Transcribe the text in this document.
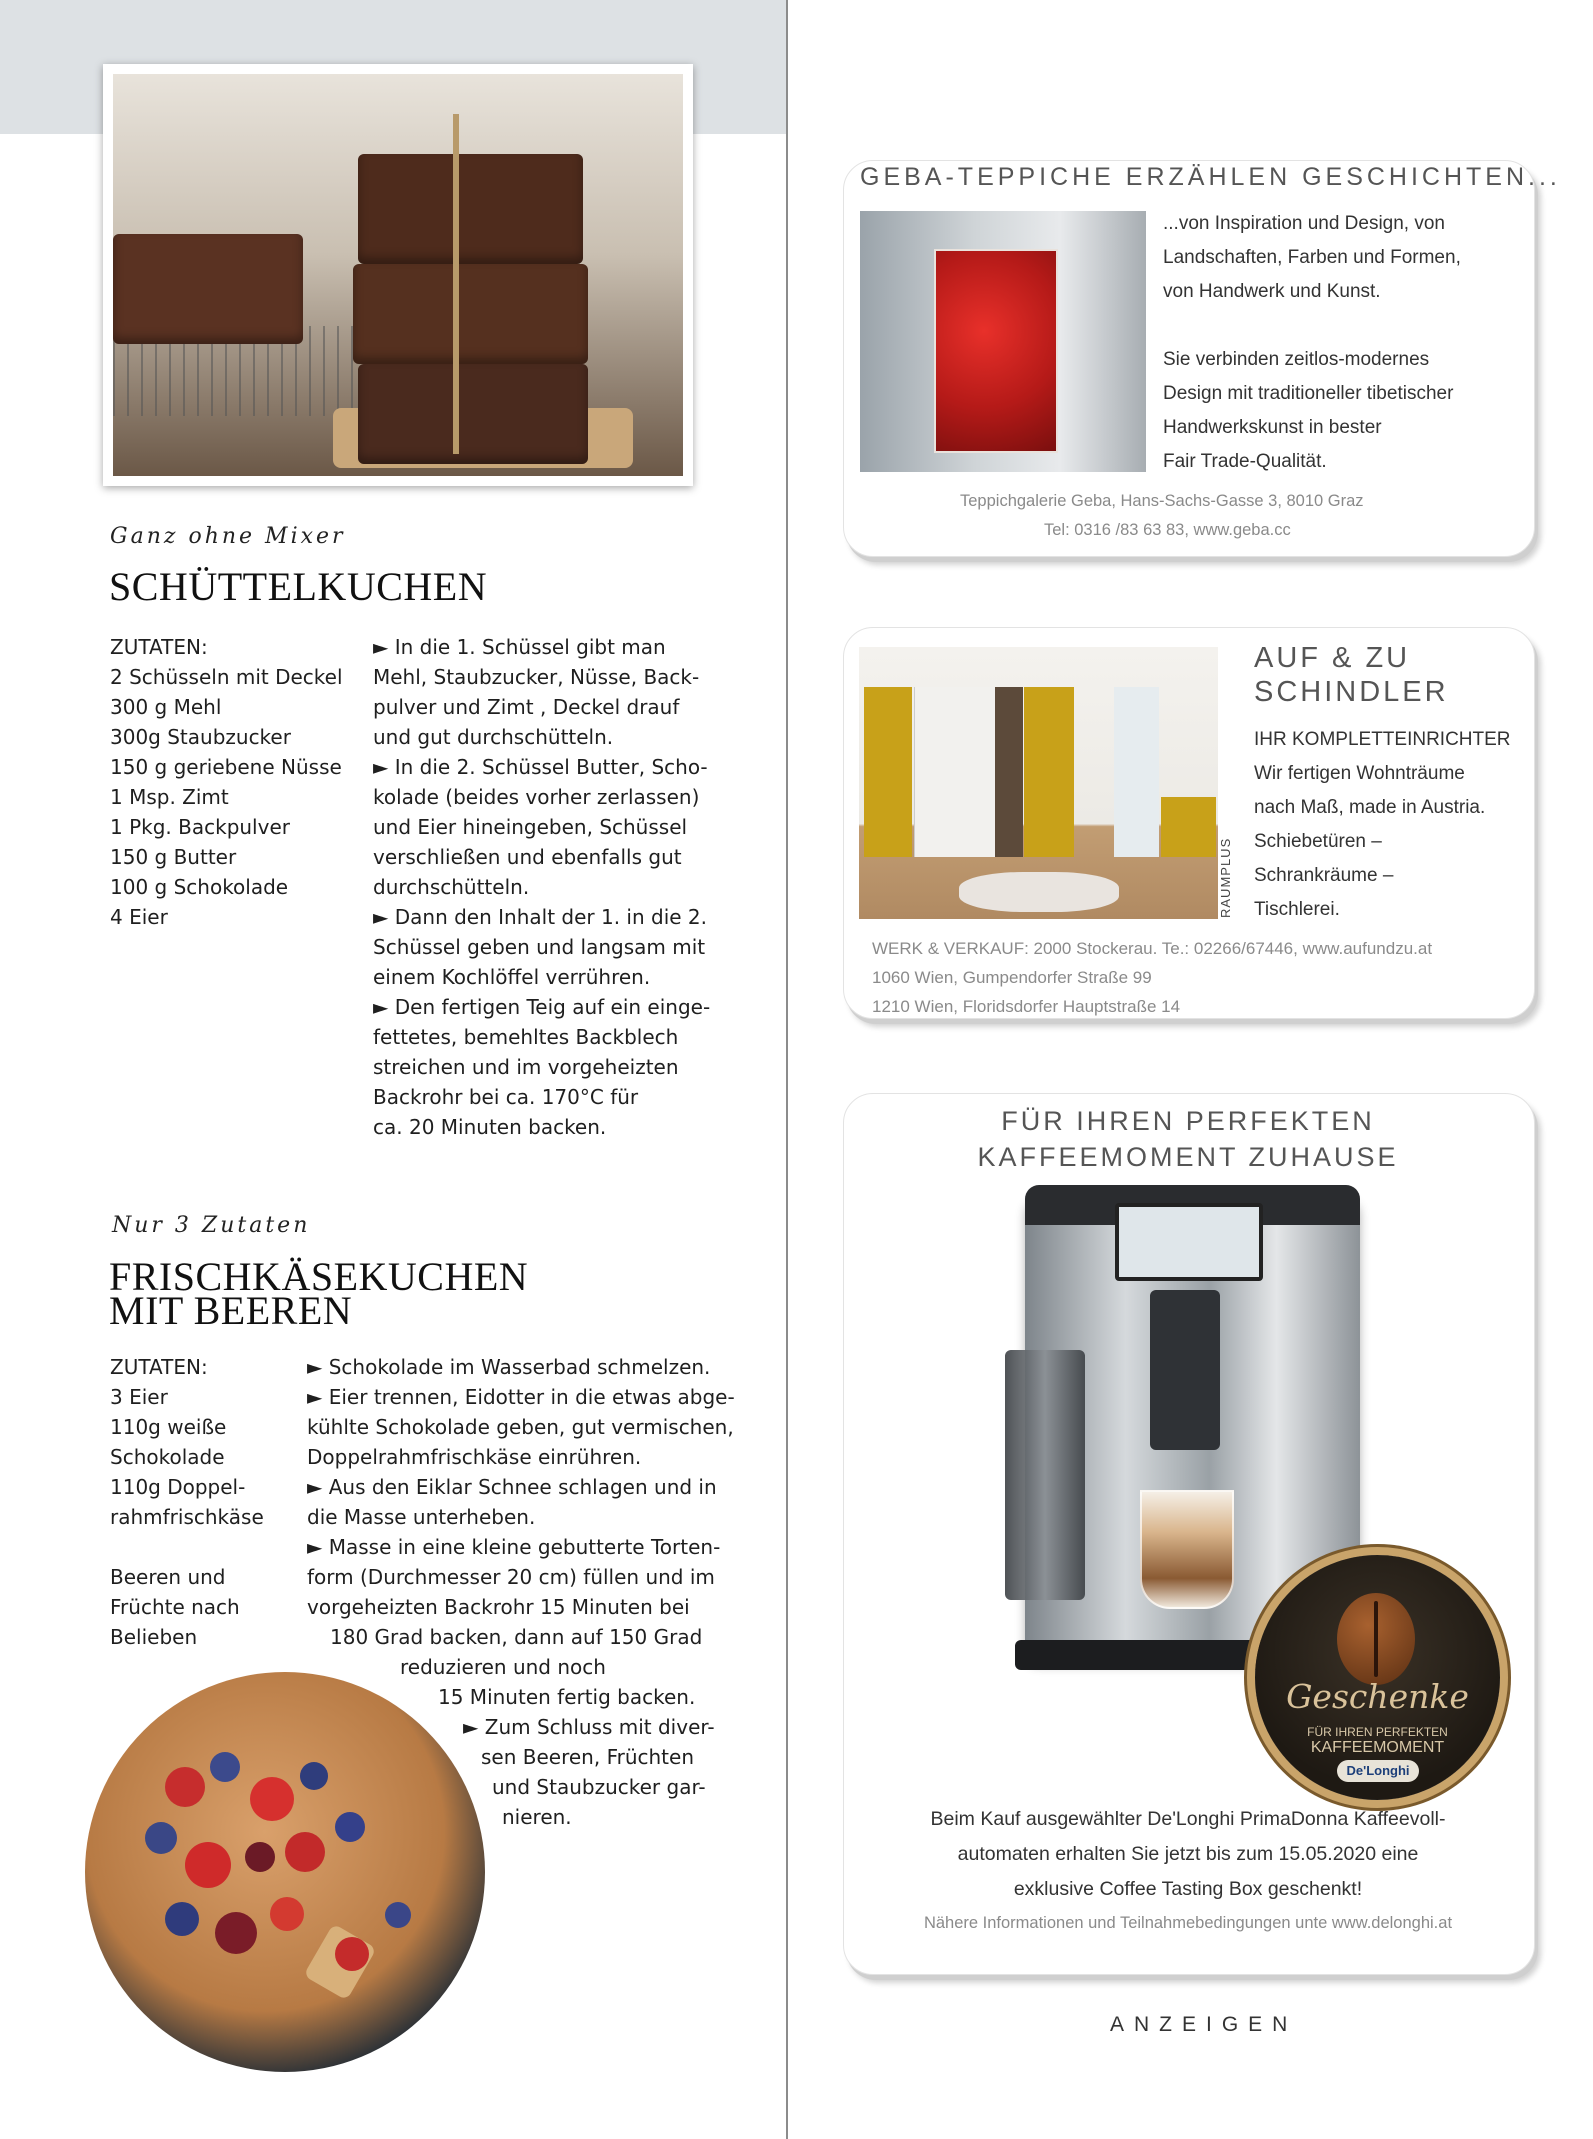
Ganz ohne Mixer
SCHÜTTELKUCHEN
ZUTATEN:
2 Schüsseln mit Deckel
300 g Mehl
300g Staubzucker
150 g geriebene Nüsse
1 Msp. Zimt
1 Pkg. Backpulver
150 g Butter
100 g Schokolade
4 Eier
► In die 1. Schüssel gibt man
Mehl, Staubzucker, Nüsse, Back-
pulver und Zimt , Deckel drauf
und gut durchschütteln.
► In die 2. Schüssel Butter, Scho-
kolade (beides vorher zerlassen)
und Eier hineingeben, Schüssel
verschließen und ebenfalls gut
durchschütteln.
► Dann den Inhalt der 1. in die 2.
Schüssel geben und langsam mit
einem Kochlöffel verrühren.
► Den fertigen Teig auf ein einge-
fettetes, bemehltes Backblech
streichen und im vorgeheizten
Backrohr bei ca. 170°C für
ca. 20 Minuten backen.
Nur 3 Zutaten
FRISCHKÄSEKUCHEN
MIT BEEREN
ZUTATEN:
3 Eier
110g weiße
Schokolade
110g Doppel-
rahmfrischkäse
Beeren und
Früchte nach
Belieben
► Schokolade im Wasserbad schmelzen.
► Eier trennen, Eidotter in die etwas abge-
kühlte Schokolade geben, gut vermischen,
Doppelrahmfrischkäse einrühren.
► Aus den Eiklar Schnee schlagen und in
die Masse unterheben.
► Masse in eine kleine gebutterte Torten-
form (Durchmesser 20 cm) füllen und im
vorgeheizten Backrohr 15 Minuten bei
180 Grad backen, dann auf 150 Grad
reduzieren und noch
15 Minuten fertig backen.
► Zum Schluss mit diver-
sen Beeren, Früchten
und Staubzucker gar-
nieren.
GEBA-TEPPICHE ERZÄHLEN GESCHICHTEN...
...von Inspiration und Design, von
Landschaften, Farben und Formen,
von Handwerk und Kunst.
Sie verbinden zeitlos-modernes
Design mit traditioneller tibetischer
Handwerkskunst in bester
Fair Trade-Qualität.
Teppichgalerie Geba, Hans-Sachs-Gasse 3, 8010 Graz
Tel: 0316 /83 63 83, www.geba.cc
RAUMPLUS
AUF & ZU
SCHINDLER
IHR KOMPLETTEINRICHTER
Wir fertigen Wohnträume
nach Maß, made in Austria.
Schiebetüren –
Schrankräume –
Tischlerei.
WERK & VERKAUF: 2000 Stockerau. Te.: 02266/67446, www.aufundzu.at
1060 Wien, Gumpendorfer Straße 99
1210 Wien, Floridsdorfer Hauptstraße 14
FÜR IHREN PERFEKTEN
KAFFEEMOMENT ZUHAUSE
Geschenke
FÜR IHREN PERFEKTEN
KAFFEEMOMENT
De'Longhi
Beim Kauf ausgewählter De'Longhi PrimaDonna Kaffeevoll-
automaten erhalten Sie jetzt bis zum 15.05.2020 eine
exklusive Coffee Tasting Box geschenkt!
Nähere Informationen und Teilnahmebedingungen unte www.delonghi.at
ANZEIGEN
